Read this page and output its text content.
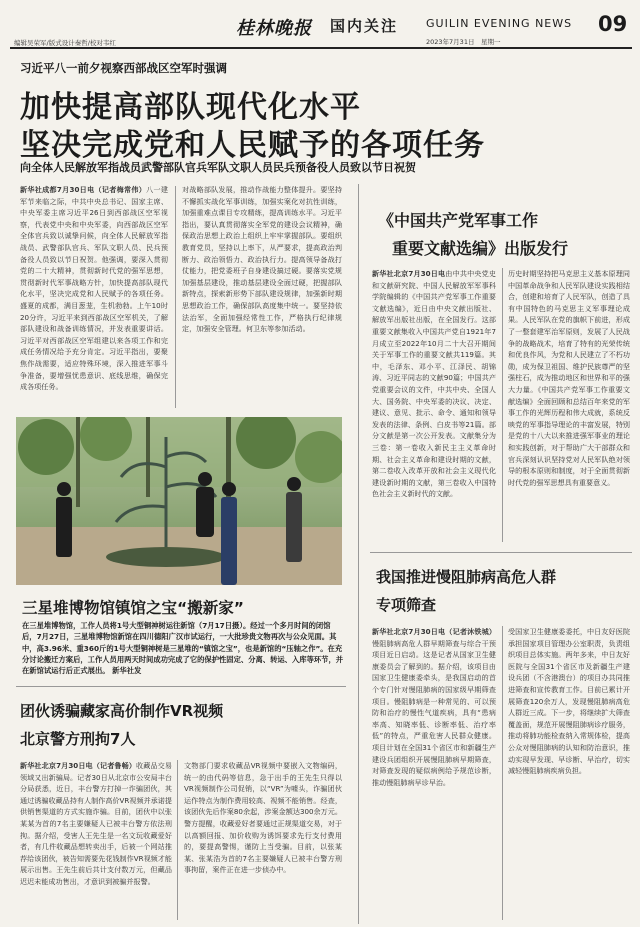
桂林晚报 国内关注	GUILIN EVENING NEWS 09
编辑吴荣军/版式设计秦哲/校对韦红	2023年7月31日　星期一
习近平八一前夕视察西部战区空军时强调
加快提高部队现代化水平
坚决完成党和人民赋予的各项任务
向全体人民解放军指战员武警部队官兵军队文职人员民兵预备役人员致以节日祝贺
新华社成都7月30日电（记者梅常伟）八一建军节来临之际，中共中央总书记、国家主席、中央军委主席习近平26日到西部战区空军视察，代表党中央和中央军委，向西部战区空军全体官兵致以诚挚问候，向全体人民解放军指战员、武警部队官兵、军队文职人员、民兵预备役人员致以节日祝贺。他强调，要深入贯彻党的二十大精神，贯彻新时代党的强军思想，贯彻新时代军事战略方针，加快提高部队现代化水平，坚决完成党和人民赋予的各项任务。盛夏的成都，满目葱茏，生机勃勃。上午10时20分许，习近平来到西部战区空军机关，了解部队建设和战备训练情况，并发表重要讲话。习近平对西部战区空军组建以来各项工作和完成任务情况给予充分肯定。习近平指出，要聚焦作战需要，适应特殊环境，深入推进军事斗争准备，要增强忧患意识、底线思维，确保完成各项任务。
对战略部队发展，推动作战能力整体提升。要坚持不懈抓实战化军事训练，加强实案化对抗性训练，加强重难点课目专攻精练，提高训练水平。习近平指出，要认真贯彻落实全军党的建设会议精神，确保政治思想上政治上组织上牢牢掌握部队。要组织教育党员，坚持以上率下，从严要求，提高政治判断力、政治领悟力、政治执行力。提高领导备战打仗能力，把党委班子自身建设搞过硬。要落实党规加强基层建设，推动基层建设全面过硬，把握部队新特点，探索新形势下部队建设规律，加强新时期思想政治工作，确保部队高度集中统一。要坚持依法治军，全面加强经常性工作，严格执行纪律规定，加强安全管理。何卫东等参加活动。
在三星堆博物馆，工作人员将1号大型铜神树运往新馆（7月17日摄）。经过一个多月时间的闭馆后，7月27日，三星堆博物馆新馆在四川德阳广汉市试运行，一大批珍贵文物再次与公众见面。其中，高3.96米、重360斤的1号大型铜神树是三星堆的“镇馆之宝”，也是新馆的“压轴之作”。在充分讨论搬迁方案后，工作人员用两天时间成功完成了它的保护性固定、分离、转运、入库等环节，并在新馆试运行后正式展出。 新华社发
三星堆博物馆镇馆之宝“搬新家”
团伙诱骗藏家高价制作VR视频
北京警方刑拘7人
新华社北京7月30日电（记者鲁畅）收藏品交易领域又出新骗局。记者30日从北京市公安局丰台分局获悉，近日，丰台警方打掉一诈骗团伙，其通过诱骗收藏品持有人制作高价VR视频并承诺提供销售渠道的方式实施诈骗。目前，团伙中以张某某为首的7名主要嫌疑人已被丰台警方依法刑拘。据介绍，受害人王先生是一名文玩收藏爱好者，有几件收藏品想转卖出手，后被一个网站推荐给该团伙，被告知需要先花钱制作VR视频才能展示出售。王先生前后共计支付数万元，但藏品迟迟未能成功售出，才意识到被骗并报警。
文物部门要求收藏品VR视频中要嵌入文物编码，统一的由代码等信息，急于出手的王先生只得以VR视频制作公司促销，以“VR”为噱头，诈骗团伙运作特点为制作费用较高、视频不能销售。经查，该团伙先后作案80余起，涉案金额达300余万元。警方提醒，收藏爱好者要通过正规渠道交易，对于以高额回报、加价收购为诱饵要求先行支付费用的，要提高警惕，谨防上当受骗。目前，以张某某、张某浩为首的7名主要嫌疑人已被丰台警方刑事拘留，案件正在进一步侦办中。
《中国共产党军事工作
重要文献选编》出版发行
新华社北京7月30日电由中共中央党史和文献研究院、中国人民解放军军事科学院编辑的《中国共产党军事工作重要文献选编》，近日由中央文献出版社、解放军出版社出版，在全国发行。这部重要文献集收入中国共产党自1921年7月成立至2022年10月二十大召开期间关于军事工作的重要文献共119篇。其中，毛泽东、邓小平、江泽民、胡锦涛、习近平同志的文献90篇；中国共产党重要会议的文件，中共中央、全国人大、国务院、中央军委的决议、决定、建议、意见、批示、命令、通知和领导发表的法律、条例、白皮书等21篇。部分文献是第一次公开发表。文献集分为三卷：第一卷收入新民主主义革命时期、社会主义革命和建设时期的文献，第二卷收入改革开放和社会主义现代化建设新时期的文献，第三卷收入中国特色社会主义新时代的文献。
历史时期坚持把马克思主义基本原理同中国革命战争和人民军队建设实践相结合，创建和培育了人民军队，创造了具有中国特色的马克思主义军事理论成果。人民军队在党的旗帜下前进，形成了一整套建军治军原则，发展了人民战争的战略战术，培育了特有的光荣传统和优良作风，为党和人民建立了不朽功勋，成为保卫祖国、维护民族尊严的坚强柱石，成为推动地区和世界和平的强大力量。《中国共产党军事工作重要文献选编》全面回顾和总结百年来党的军事工作的光辉历程和伟大成就，系统反映党的军事指导理论的丰富发展，特别是党的十八大以来推进强军事业的理论和实践创新，对于帮助广大干部群众和官兵深刻认识坚持党对人民军队绝对领导的根本原则和制度，对于全面贯彻新时代党的强军思想具有重要意义。
我国推进慢阻肺病高危人群
专项筛查
新华社北京7月30日电（记者沐铁城）慢阻肺病高危人群早期筛查与综合干预项目近日启动。这是记者从国家卫生健康委员会了解到的。据介绍，该项目由国家卫生健康委牵头，是我国启动的首个专门针对慢阻肺病的国家级早期筛查项目。慢阻肺病是一种常见的、可以预防和治疗的慢性气道疾病，具有“患病率高、知晓率低、诊断率低、治疗率低”的特点，严重危害人民群众健康。项目计划在全国31个省区市和新疆生产建设兵团组织开展慢阻肺病早期筛查，对筛查发现的疑似病例给予规范诊断，推动慢阻肺病早诊早治。
受国家卫生健康委委托，中日友好医院承担国家项目管理办公室职责，负责组织项目总体实施。两年多来，中日友好医院与全国31个省区市及新疆生产建设兵团（不含港澳台）的项目办共同推进筛查和宣传教育工作。目前已累计开展筛查120余万人，发现慢阻肺病高危人群近三成。下一步，将继续扩大筛查覆盖面，规范开展慢阻肺病诊疗服务，推动将肺功能检查纳入常规体检，提高公众对慢阻肺病的认知和防治意识，推动实现早发现、早诊断、早治疗，切实减轻慢阻肺病疾病负担。
